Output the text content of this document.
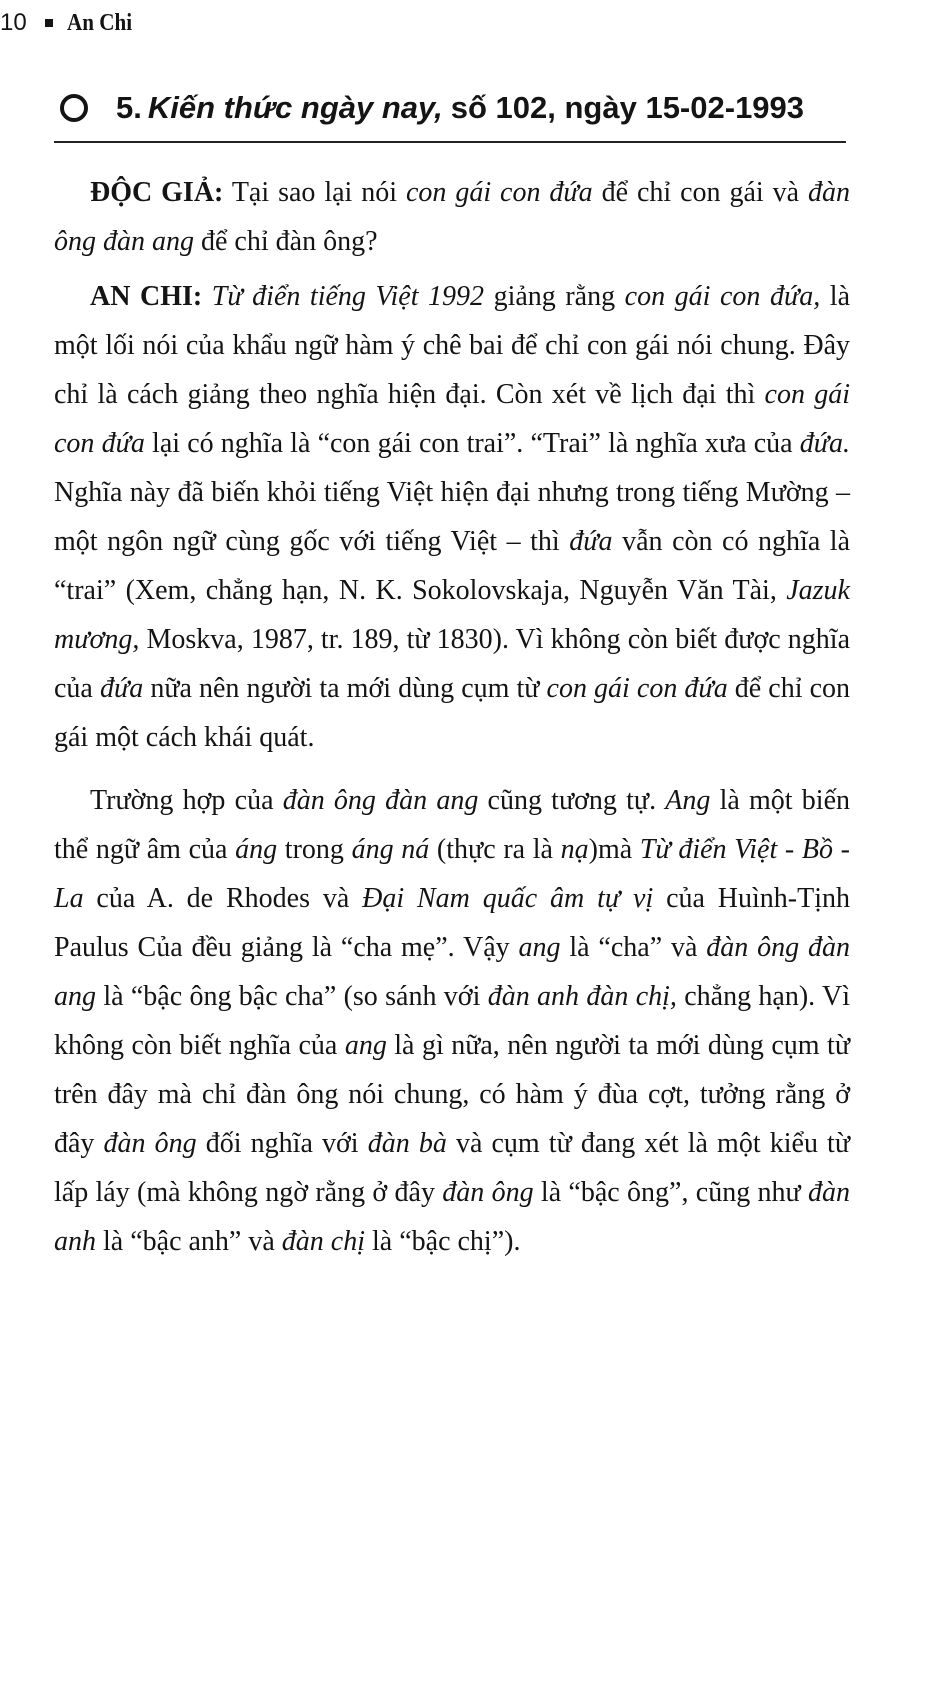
10 An Chi
5. Kiến thức ngày nay, số 102, ngày 15-02-1993

ĐỘC GIẢ: Tại sao lại nói con gái con đứa để chỉ con gái và đàn ông đàn ang để chỉ đàn ông?

AN CHI: Từ điển tiếng Việt 1992 giảng rằng con gái con đứa, là một lối nói của khẩu ngữ hàm ý chê bai để chỉ con gái nói chung. Đây chỉ là cách giảng theo nghĩa hiện đại. Còn xét về lịch đại thì con gái con đứa lại có nghĩa là “con gái con trai”. “Trai” là nghĩa xưa của đứa. Nghĩa này đã biến khỏi tiếng Việt hiện đại nhưng trong tiếng Mường – một ngôn ngữ cùng gốc với tiếng Việt – thì đứa vẫn còn có nghĩa là “trai” (Xem, chẳng hạn, N. K. Sokolovskaja, Nguyễn Văn Tài, Jazuk mương, Moskva, 1987, tr. 189, từ 1830). Vì không còn biết được nghĩa của đứa nữa nên người ta mới dùng cụm từ con gái con đứa để chỉ con gái một cách khái quát.

Trường hợp của đàn ông đàn ang cũng tương tự. Ang là một biến thể ngữ âm của áng trong áng ná (thực ra là nạ)mà Từ điển Việt - Bồ - La của A. de Rhodes và Đại Nam quấc âm tự vị của Huình-Tịnh Paulus Của đều giảng là “cha mẹ”. Vậy ang là “cha” và đàn ông đàn ang là “bậc ông bậc cha” (so sánh với đàn anh đàn chị, chẳng hạn). Vì không còn biết nghĩa của ang là gì nữa, nên người ta mới dùng cụm từ trên đây mà chỉ đàn ông nói chung, có hàm ý đùa cợt, tưởng rằng ở đây đàn ông đối nghĩa với đàn bà và cụm từ đang xét là một kiểu từ lấp láy (mà không ngờ rằng ở đây đàn ông là “bậc ông”, cũng như đàn anh là “bậc anh” và đàn chị là “bậc chị”).
